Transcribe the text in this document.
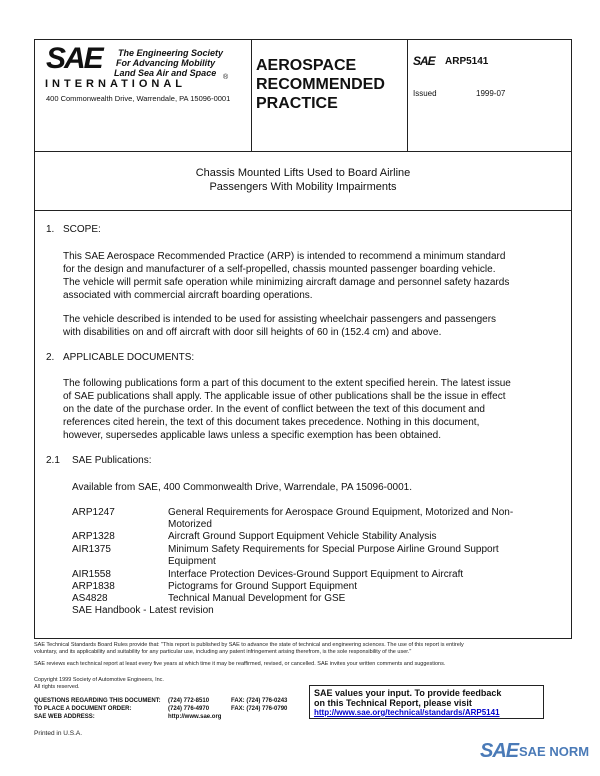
SAE The Engineering Society
For Advancing Mobility
Land Sea Air and Space ®
INTERNATIONAL
400 Commonwealth Drive, Warrendale, PA 15096-0001
AEROSPACE
RECOMMENDED
PRACTICE
SAE ARP5141
Issued	1999-07
Chassis Mounted Lifts Used to Board Airline
Passengers With Mobility Impairments
1. SCOPE:
This SAE Aerospace Recommended Practice (ARP) is intended to recommend a minimum standard
for the design and manufacturer of a self-propelled, chassis mounted passenger boarding vehicle.
The vehicle will permit safe operation while minimizing aircraft damage and personnel safety hazards
associated with commercial aircraft boarding operations.
The vehicle described is intended to be used for assisting wheelchair passengers and passengers
with disabilities on and off aircraft with door sill heights of 60 in (152.4 cm) and above.
2. APPLICABLE DOCUMENTS:
The following publications form a part of this document to the extent specified herein. The latest issue
of SAE publications shall apply. The applicable issue of other publications shall be the issue in effect
on the date of the purchase order. In the event of conflict between the text of this document and
references cited herein, the text of this document takes precedence. Nothing in this document,
however, supersedes applicable laws unless a specific exemption has been obtained.
2.1 SAE Publications:
Available from SAE, 400 Commonwealth Drive, Warrendale, PA 15096-0001.
ARP1247	General Requirements for Aerospace Ground Equipment, Motorized and Non-
Motorized
ARP1328	Aircraft Ground Support Equipment Vehicle Stability Analysis
AIR1375	Minimum Safety Requirements for Special Purpose Airline Ground Support
Equipment
AIR1558	Interface Protection Devices-Ground Support Equipment to Aircraft
ARP1838	Pictograms for Ground Support Equipment
AS4828	Technical Manual Development for GSE
SAE Handbook - Latest revision
SAE Technical Standards Board Rules provide that: "This report is published by SAE to advance the state of technical and engineering sciences. The use of this report is entirely
voluntary, and its applicability and suitability for any particular use, including any patent infringement arising therefrom, is the sole responsibility of the user."
SAE reviews each technical report at least every five years at which time it may be reaffirmed, revised, or cancelled. SAE invites your written comments and suggestions.
Copyright 1999 Society of Automotive Engineers, Inc.
All rights reserved.
QUESTIONS REGARDING THIS DOCUMENT: (724) 772-8510	FAX: (724) 776-0243
TO PLACE A DOCUMENT ORDER:	(724) 776-4970	FAX: (724) 776-0790
SAE WEB ADDRESS:	http://www.sae.org
Printed in U.S.A.
SAE values your input. To provide feedback
on this Technical Report, please visit
http://www.sae.org/technical/standards/ARP5141
SAE SAE NORM
